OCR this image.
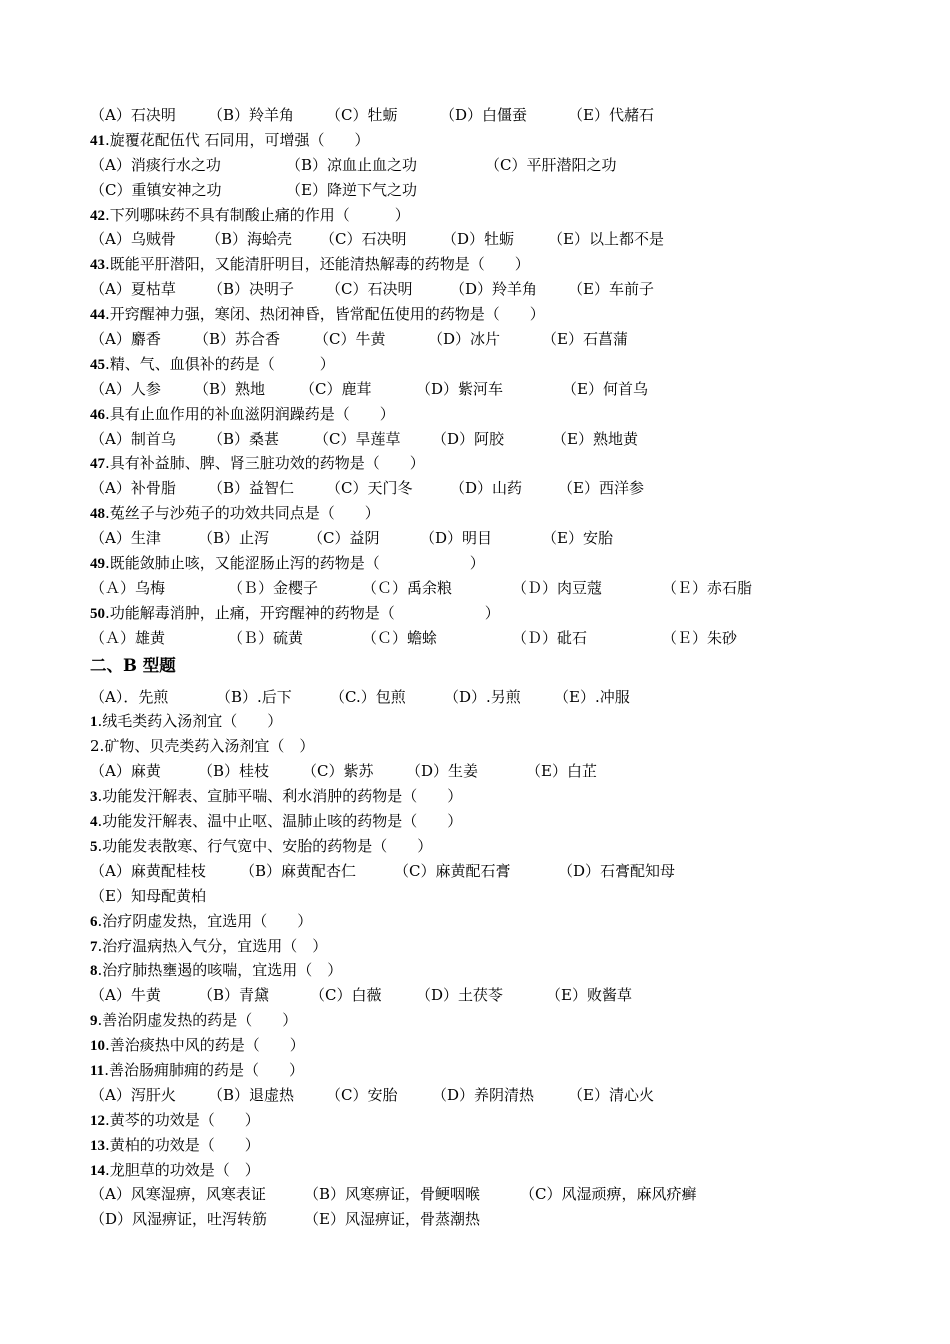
（A）石决明 （B）羚羊角 （C）牡蛎	（D）白僵蚕	（E）代赭石
41.旋覆花配伍代 石同用，可增强（　　）
（A）消痰行水之功	（B）凉血止血之功	（C）平肝潜阳之功
（C）重镇安神之功	（E）降逆下气之功
42.下列哪味药不具有制酸止痛的作用（　　　）
（A）乌贼骨 （B）海蛤壳 （C）石决明 （D）牡蛎 （E）以上都不是
43.既能平肝潜阳，又能清肝明目，还能清热解毒的药物是（　　）
（A）夏枯草 （B）决明子 （C）石决明	（D）羚羊角 （E）车前子
44.开窍醒神力强，寒闭、热闭神昏，皆常配伍使用的药物是（　　）
（A）麝香 （B）苏合香 （C）牛黄	（D）冰片	（E）石菖蒲
45.精、气、血俱补的药是（　　　）
（A）人参 （B）熟地 （C）鹿茸	（D）紫河车	（E）何首乌
46.具有止血作用的补血滋阴润躁药是（　　）
（A）制首乌 （B）桑葚 （C）旱莲草 （D）阿胶	（E）熟地黄
47.具有补益肺、脾、肾三脏功效的药物是（　　）
（A）补骨脂 （B）益智仁 （C）天门冬	（D）山药 （E）西洋参
48.菟丝子与沙苑子的功效共同点是（　　）
（A）生津 （B）止泻	（C）益阴	（D）明目	（E）安胎
49.既能敛肺止咳，又能涩肠止泻的药物是（　　　　　　）
（Ａ）乌梅	（Ｂ）金樱子	（Ｃ）禹余粮	（Ｄ）肉豆蔻	（Ｅ）赤石脂
50.功能解毒消肿，止痛，开窍醒神的药物是（　　　　　　）
（Ａ）雄黄	（Ｂ）硫黄	（Ｃ）蟾蜍	（Ｄ）砒石	（Ｅ）朱砂
二、B 型题
（A）．先煎	（B）.后下	（C.）包煎	（D）.另煎 （E）.冲服
1.绒毛类药入汤剂宜（　　）
2.矿物、贝壳类药入汤剂宜（　）
（A）麻黄 （B）桂枝 （C）紫苏 （D）生姜	（E）白芷
3.功能发汗解表、宣肺平喘、利水消肿的药物是（　　）
4.功能发汗解表、温中止呕、温肺止咳的药物是（　　）
5.功能发表散寒、行气宽中、安胎的药物是（　　）
（A）麻黄配桂枝 （B）麻黄配杏仁	（C）麻黄配石膏	（D）石膏配知母
（E）知母配黄柏
6.治疗阴虚发热，宜选用（　　）
7.治疗温病热入气分，宜选用（　）
8.治疗肺热壅遏的咳喘，宜选用（　）
（A）牛黄 （B）青黛	（C）白薇 （D）土茯苓	（E）败酱草
9.善治阴虚发热的药是（　　）
10.善治痰热中风的药是（　　）
11.善治肠痈肺痈的药是（　　）
（A）泻肝火 （B）退虚热 （C）安胎 （D）养阴清热 （E）清心火
12.黄芩的功效是（　　）
13.黄柏的功效是（　　）
14.龙胆草的功效是（　）
（A）风寒湿痹，风寒表证	（B）风寒痹证，骨鲠咽喉	（C）风湿顽痹，麻风疥癣
（D）风湿痹证，吐泻转筋 （E）风湿痹证，骨蒸潮热
